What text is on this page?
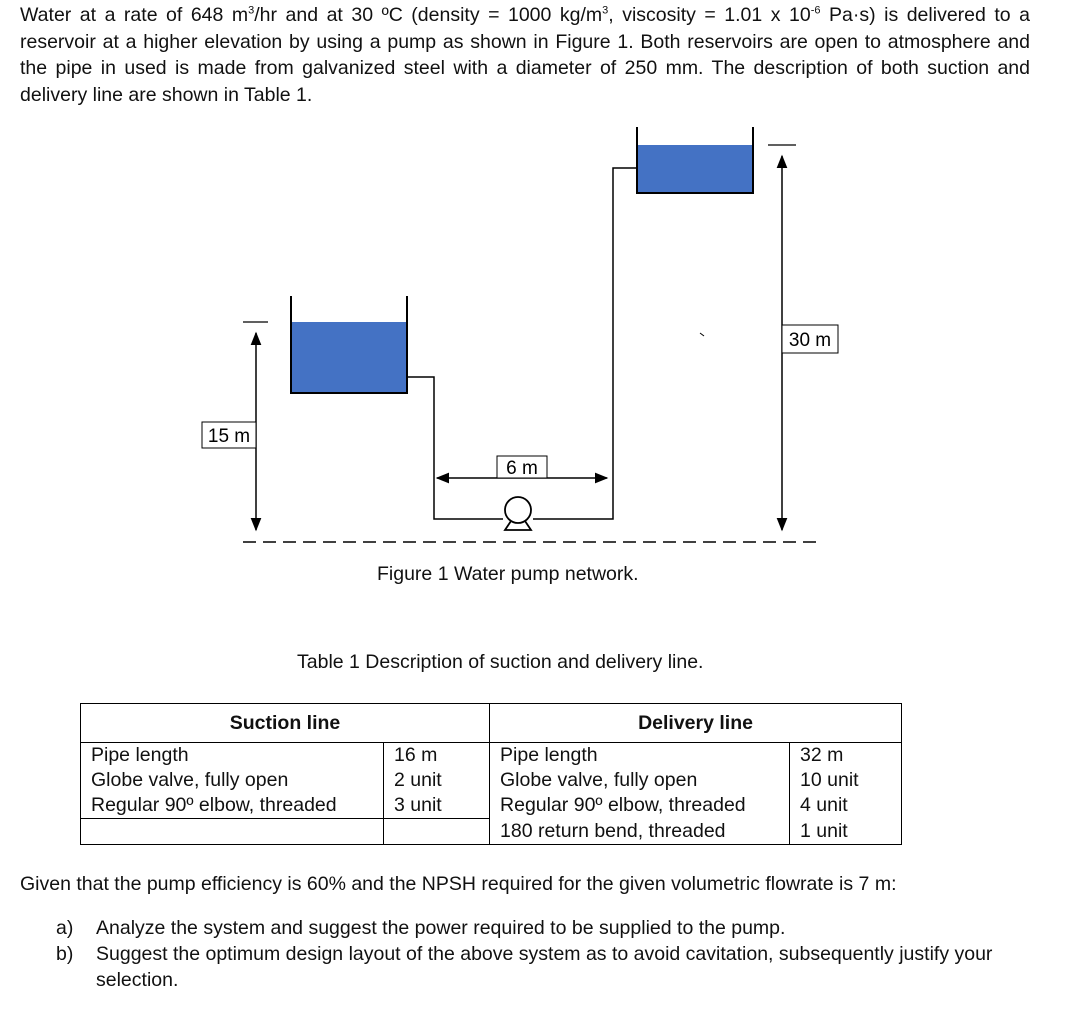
Water at a rate of 648 $m^3/hr$ and at 30 ºC (density = 1000 $kg/m^3$, viscosity = 1.01 x $10^{-6}$ Pa·s) is delivered to a reservoir at a higher elevation by using a pump as shown in Figure 1. Both reservoirs are open to atmosphere and the pipe in used is made from galvanized steel with a diameter of 250 mm. The description of both suction and delivery line are shown in Table 1.

15 m
30 m
6 m

Figure 1 Water pump network.

Table 1 Description of suction and delivery line.

Suction line		Delivery line	
Pipe length	16 m	Pipe length	32 m
Globe valve, fully open	2 unit	Globe valve, fully open	10 unit
Regular 90º elbow, threaded	3 unit	Regular 90º elbow, threaded	4 unit
		180 return bend, threaded	1 unit

Given that the pump efficiency is 60% and the NPSH required for the given volumetric flowrate is 7 m:

a)	Analyze the system and suggest the power required to be supplied to the pump.
b)	Suggest the optimum design layout of the above system as to avoid cavitation, subsequently justify your selection.
